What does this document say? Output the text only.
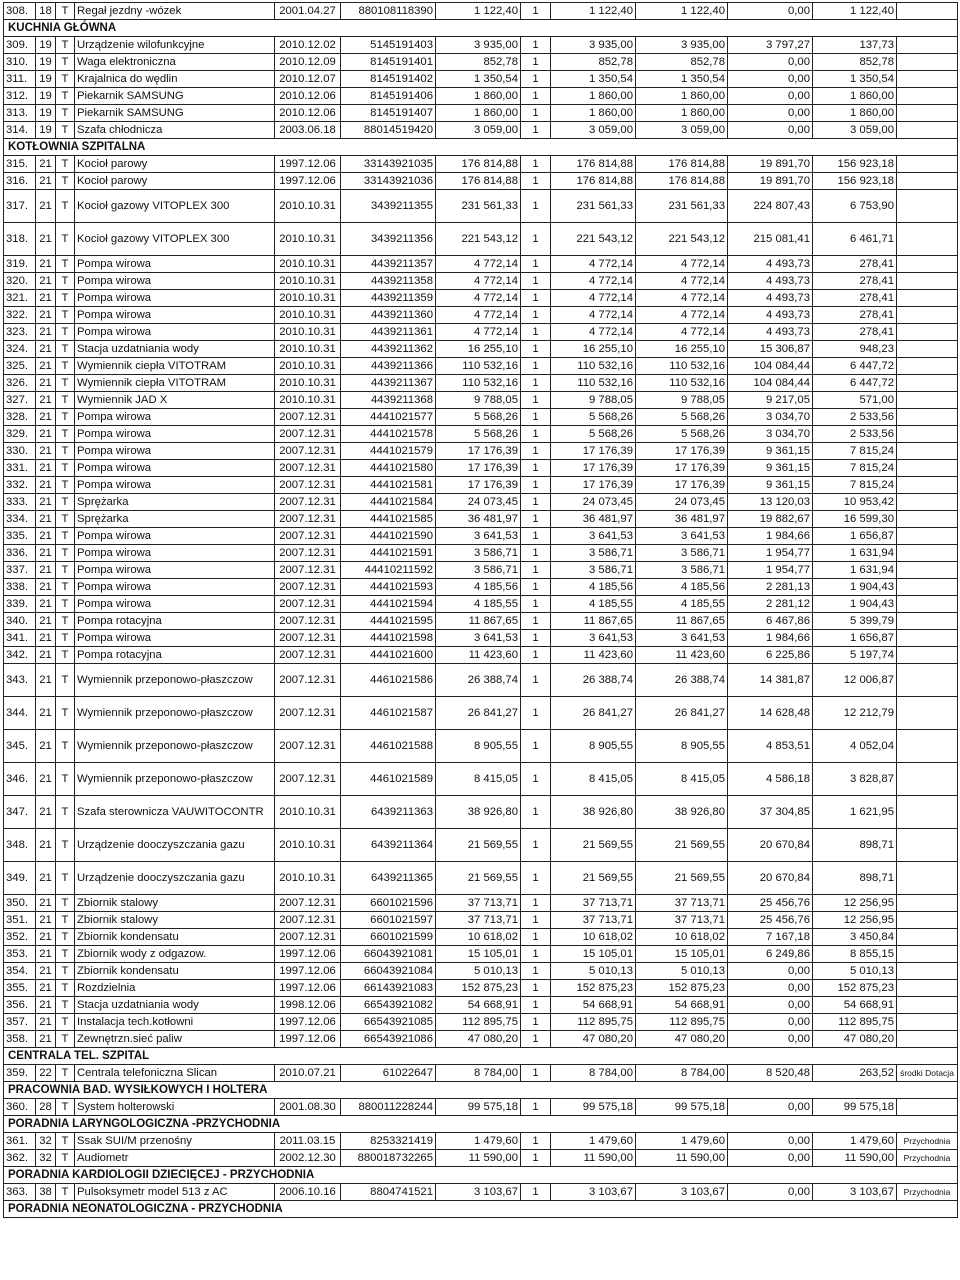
308.	18	T	Regał jezdny -wózek	2001.04.27	880108118390	1 122,40	1	1 122,40	1 122,40	0,00	1 122,40	
KUCHNIA GŁÓWNA												
309.	19	T	Urządzenie wilofunkcyjne	2010.12.02	5145191403	3 935,00	1	3 935,00	3 935,00	3 797,27	137,73	
310.	19	T	Waga elektroniczna	2010.12.09	8145191401	852,78	1	852,78	852,78	0,00	852,78	
311.	19	T	Krajalnica do wędlin	2010.12.07	8145191402	1 350,54	1	1 350,54	1 350,54	0,00	1 350,54	
312.	19	T	Piekarnik SAMSUNG	2010.12.06	8145191406	1 860,00	1	1 860,00	1 860,00	0,00	1 860,00	
313.	19	T	Piekarnik SAMSUNG	2010.12.06	8145191407	1 860,00	1	1 860,00	1 860,00	0,00	1 860,00	
314.	19	T	Szafa chłodnicza	2003.06.18	88014519420	3 059,00	1	3 059,00	3 059,00	0,00	3 059,00	
KOTŁOWNIA SZPITALNA												
315.	21	T	Kocioł parowy	1997.12.06	33143921035	176 814,88	1	176 814,88	176 814,88	19 891,70	156 923,18	
316.	21	T	Kocioł parowy	1997.12.06	33143921036	176 814,88	1	176 814,88	176 814,88	19 891,70	156 923,18	
317.	21	T	Kocioł gazowy VITOPLEX 300	2010.10.31	3439211355	231 561,33	1	231 561,33	231 561,33	224 807,43	6 753,90	
318.	21	T	Kocioł gazowy VITOPLEX 300	2010.10.31	3439211356	221 543,12	1	221 543,12	221 543,12	215 081,41	6 461,71	
319.	21	T	Pompa wirowa	2010.10.31	4439211357	4 772,14	1	4 772,14	4 772,14	4 493,73	278,41	
320.	21	T	Pompa wirowa	2010.10.31	4439211358	4 772,14	1	4 772,14	4 772,14	4 493,73	278,41	
321.	21	T	Pompa wirowa	2010.10.31	4439211359	4 772,14	1	4 772,14	4 772,14	4 493,73	278,41	
322.	21	T	Pompa wirowa	2010.10.31	4439211360	4 772,14	1	4 772,14	4 772,14	4 493,73	278,41	
323.	21	T	Pompa wirowa	2010.10.31	4439211361	4 772,14	1	4 772,14	4 772,14	4 493,73	278,41	
324.	21	T	Stacja uzdatniania wody	2010.10.31	4439211362	16 255,10	1	16 255,10	16 255,10	15 306,87	948,23	
325.	21	T	Wymiennik ciepła VITOTRAM	2010.10.31	4439211366	110 532,16	1	110 532,16	110 532,16	104 084,44	6 447,72	
326.	21	T	Wymiennik ciepła VITOTRAM	2010.10.31	4439211367	110 532,16	1	110 532,16	110 532,16	104 084,44	6 447,72	
327.	21	T	Wymiennik JAD X	2010.10.31	4439211368	9 788,05	1	9 788,05	9 788,05	9 217,05	571,00	
328.	21	T	Pompa wirowa	2007.12.31	4441021577	5 568,26	1	5 568,26	5 568,26	3 034,70	2 533,56	
329.	21	T	Pompa wirowa	2007.12.31	4441021578	5 568,26	1	5 568,26	5 568,26	3 034,70	2 533,56	
330.	21	T	Pompa wirowa	2007.12.31	4441021579	17 176,39	1	17 176,39	17 176,39	9 361,15	7 815,24	
331.	21	T	Pompa wirowa	2007.12.31	4441021580	17 176,39	1	17 176,39	17 176,39	9 361,15	7 815,24	
332.	21	T	Pompa wirowa	2007.12.31	4441021581	17 176,39	1	17 176,39	17 176,39	9 361,15	7 815,24	
333.	21	T	Sprężarka	2007.12.31	4441021584	24 073,45	1	24 073,45	24 073,45	13 120,03	10 953,42	
334.	21	T	Sprężarka	2007.12.31	4441021585	36 481,97	1	36 481,97	36 481,97	19 882,67	16 599,30	
335.	21	T	Pompa wirowa	2007.12.31	4441021590	3 641,53	1	3 641,53	3 641,53	1 984,66	1 656,87	
336.	21	T	Pompa wirowa	2007.12.31	4441021591	3 586,71	1	3 586,71	3 586,71	1 954,77	1 631,94	
337.	21	T	Pompa wirowa	2007.12.31	44410211592	3 586,71	1	3 586,71	3 586,71	1 954,77	1 631,94	
338.	21	T	Pompa wirowa	2007.12.31	4441021593	4 185,56	1	4 185,56	4 185,56	2 281,13	1 904,43	
339.	21	T	Pompa wirowa	2007.12.31	4441021594	4 185,55	1	4 185,55	4 185,55	2 281,12	1 904,43	
340.	21	T	Pompa rotacyjna	2007.12.31	4441021595	11 867,65	1	11 867,65	11 867,65	6 467,86	5 399,79	
341.	21	T	Pompa wirowa	2007.12.31	4441021598	3 641,53	1	3 641,53	3 641,53	1 984,66	1 656,87	
342.	21	T	Pompa rotacyjna	2007.12.31	4441021600	11 423,60	1	11 423,60	11 423,60	6 225,86	5 197,74	
343.	21	T	Wymiennik przeponowo-płaszczow	2007.12.31	4461021586	26 388,74	1	26 388,74	26 388,74	14 381,87	12 006,87	
344.	21	T	Wymiennik przeponowo-płaszczow	2007.12.31	4461021587	26 841,27	1	26 841,27	26 841,27	14 628,48	12 212,79	
345.	21	T	Wymiennik przeponowo-płaszczow	2007.12.31	4461021588	8 905,55	1	8 905,55	8 905,55	4 853,51	4 052,04	
346.	21	T	Wymiennik przeponowo-płaszczow	2007.12.31	4461021589	8 415,05	1	8 415,05	8 415,05	4 586,18	3 828,87	
347.	21	T	Szafa sterownicza VAUWITOCONTR	2010.10.31	6439211363	38 926,80	1	38 926,80	38 926,80	37 304,85	1 621,95	
348.	21	T	Urządzenie dooczyszczania gazu	2010.10.31	6439211364	21 569,55	1	21 569,55	21 569,55	20 670,84	898,71	
349.	21	T	Urządzenie dooczyszczania gazu	2010.10.31	6439211365	21 569,55	1	21 569,55	21 569,55	20 670,84	898,71	
350.	21	T	Zbiornik stalowy	2007.12.31	6601021596	37 713,71	1	37 713,71	37 713,71	25 456,76	12 256,95	
351.	21	T	Zbiornik stalowy	2007.12.31	6601021597	37 713,71	1	37 713,71	37 713,71	25 456,76	12 256,95	
352.	21	T	Zbiornik kondensatu	2007.12.31	6601021599	10 618,02	1	10 618,02	10 618,02	7 167,18	3 450,84	
353.	21	T	Zbiornik wody z odgazow.	1997.12.06	66043921081	15 105,01	1	15 105,01	15 105,01	6 249,86	8 855,15	
354.	21	T	Zbiornik kondensatu	1997.12.06	66043921084	5 010,13	1	5 010,13	5 010,13	0,00	5 010,13	
355.	21	T	Rozdzielnia	1997.12.06	66143921083	152 875,23	1	152 875,23	152 875,23	0,00	152 875,23	
356.	21	T	Stacja uzdatniania wody	1998.12.06	66543921082	54 668,91	1	54 668,91	54 668,91	0,00	54 668,91	
357.	21	T	Instalacja tech.kotłowni	1997.12.06	66543921085	112 895,75	1	112 895,75	112 895,75	0,00	112 895,75	
358.	21	T	Zewnętrzn.sieć paliw	1997.12.06	66543921086	47 080,20	1	47 080,20	47 080,20	0,00	47 080,20	
CENTRALA TEL. SZPITAL												
359.	22	T	Centrala telefoniczna Slican	2010.07.21	61022647	8 784,00	1	8 784,00	8 784,00	8 520,48	263,52	środki Dotacja
PRACOWNIA BAD. WYSIŁKOWYCH I HOLTERA												
360.	28	T	System holterowski	2001.08.30	880011228244	99 575,18	1	99 575,18	99 575,18	0,00	99 575,18	
PORADNIA LARYNGOLOGICZNA -PRZYCHODNIA												
361.	32	T	Ssak SUI/M przenośny	2011.03.15	8253321419	1 479,60	1	1 479,60	1 479,60	0,00	1 479,60	Przychodnia
362.	32	T	Audiometr	2002.12.30	880018732265	11 590,00	1	11 590,00	11 590,00	0,00	11 590,00	Przychodnia
PORADNIA KARDIOLOGII DZIECIĘCEJ - PRZYCHODNIA												
363.	38	T	Pulsoksymetr model 513 z AC	2006.10.16	8804741521	3 103,67	1	3 103,67	3 103,67	0,00	3 103,67	Przychodnia
PORADNIA NEONATOLOGICZNA - PRZYCHODNIA												
